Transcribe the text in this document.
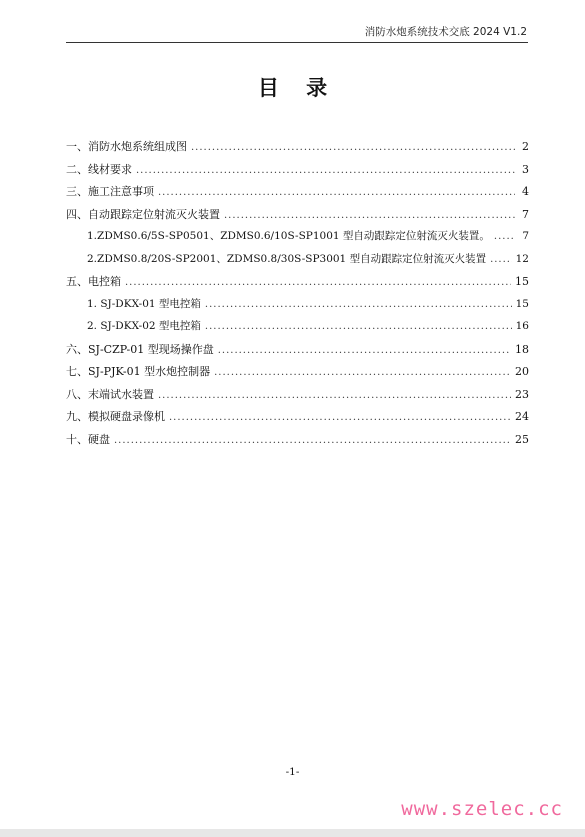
消防水炮系统技术交底 2024 V1.2
目 录
一、消防水炮系统组成图 .....	2
二、线材要求 .....	3
三、施工注意事项 .....	4
四、自动跟踪定位射流灭火装置 .....	7
1.ZDMS0.6/5S-SP0501、ZDMS0.6/10S-SP1001 型自动跟踪定位射流灭火装置。 .....	7
2.ZDMS0.8/20S-SP2001、ZDMS0.8/30S-SP3001 型自动跟踪定位射流灭火装置 .....	12
五、电控箱 .....	15
1. SJ-DKX-01 型电控箱 .....	15
2. SJ-DKX-02 型电控箱 .....	16
六、SJ-CZP-01 型现场操作盘 .....	18
七、SJ-PJK-01 型水炮控制器 .....	20
八、末端试水装置 .....	23
九、模拟硬盘录像机 .....	24
十、硬盘 .....	25
-1-
www.szelec.cc
